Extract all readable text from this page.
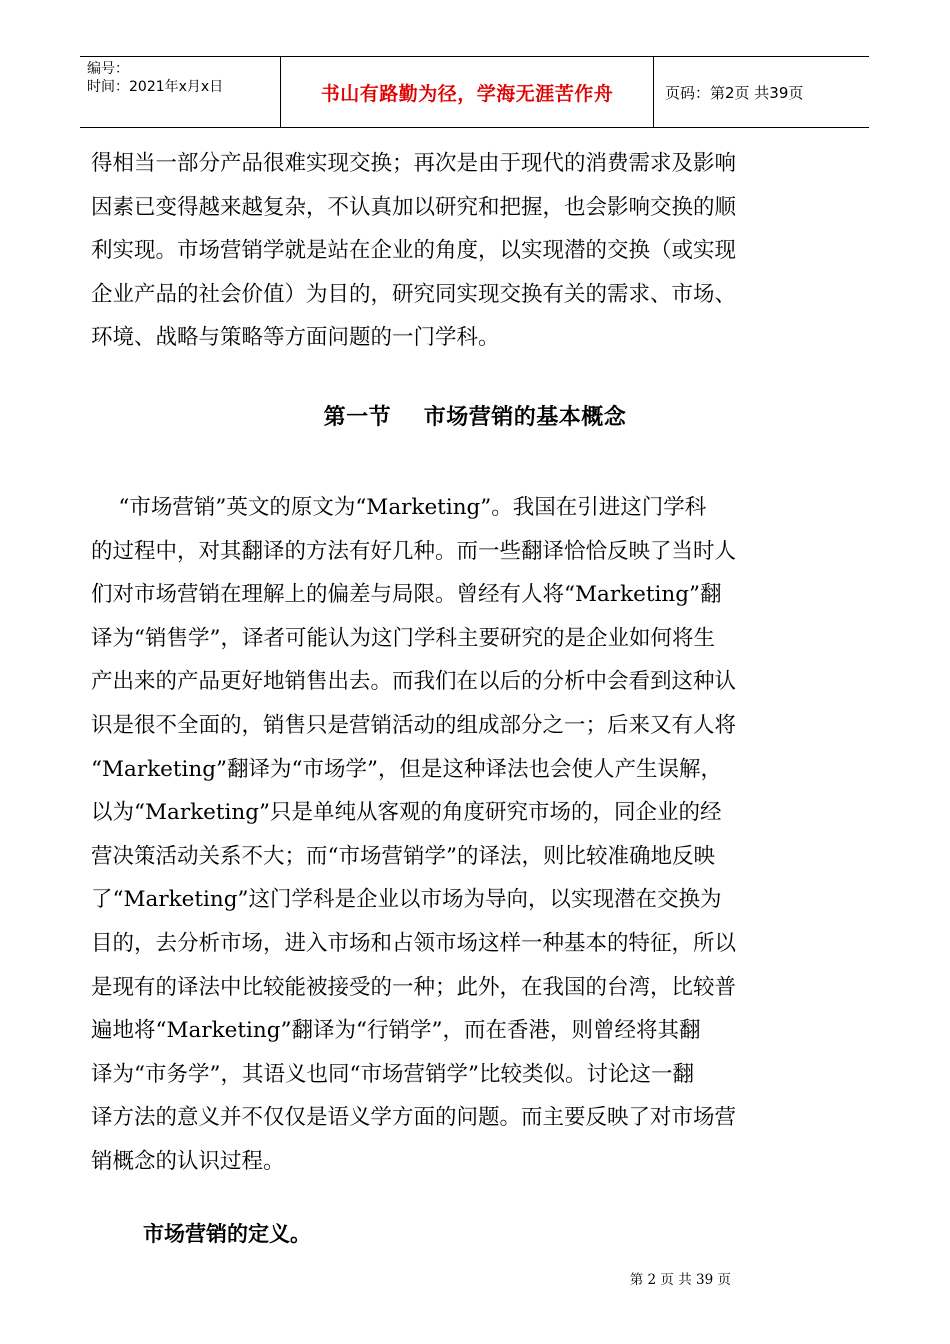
编号：
时间：2021年x月x日	书山有路勤为径，学海无涯苦作舟	页码：第2页 共39页
得相当一部分产品很难实现交换；再次是由于现代的消费需求及影响
因素已变得越来越复杂，不认真加以研究和把握，也会影响交换的顺
利实现。市场营销学就是站在企业的角度，以实现潜的交换（或实现
企业产品的社会价值）为目的，研究同实现交换有关的需求、市场、
环境、战略与策略等方面问题的一门学科。
第一节    市场营销的基本概念
“市场营销”英文的原文为“Marketing”。我国在引进这门学科
的过程中，对其翻译的方法有好几种。而一些翻译恰恰反映了当时人
们对市场营销在理解上的偏差与局限。曾经有人将“Marketing”翻
译为“销售学”，译者可能认为这门学科主要研究的是企业如何将生
产出来的产品更好地销售出去。而我们在以后的分析中会看到这种认
识是很不全面的，销售只是营销活动的组成部分之一；后来又有人将
“Marketing”翻译为“市场学”，但是这种译法也会使人产生误解，
以为“Marketing”只是单纯从客观的角度研究市场的，同企业的经
营决策活动关系不大；而“市场营销学”的译法，则比较准确地反映
了“Marketing”这门学科是企业以市场为导向，以实现潜在交换为
目的，去分析市场，进入市场和占领市场这样一种基本的特征，所以
是现有的译法中比较能被接受的一种；此外，在我国的台湾，比较普
遍地将“Marketing”翻译为“行销学”，而在香港，则曾经将其翻
译为“市务学”，其语义也同“市场营销学”比较类似。讨论这一翻
译方法的意义并不仅仅是语义学方面的问题。而主要反映了对市场营
销概念的认识过程。
市场营销的定义。
第 2 页 共 39 页
